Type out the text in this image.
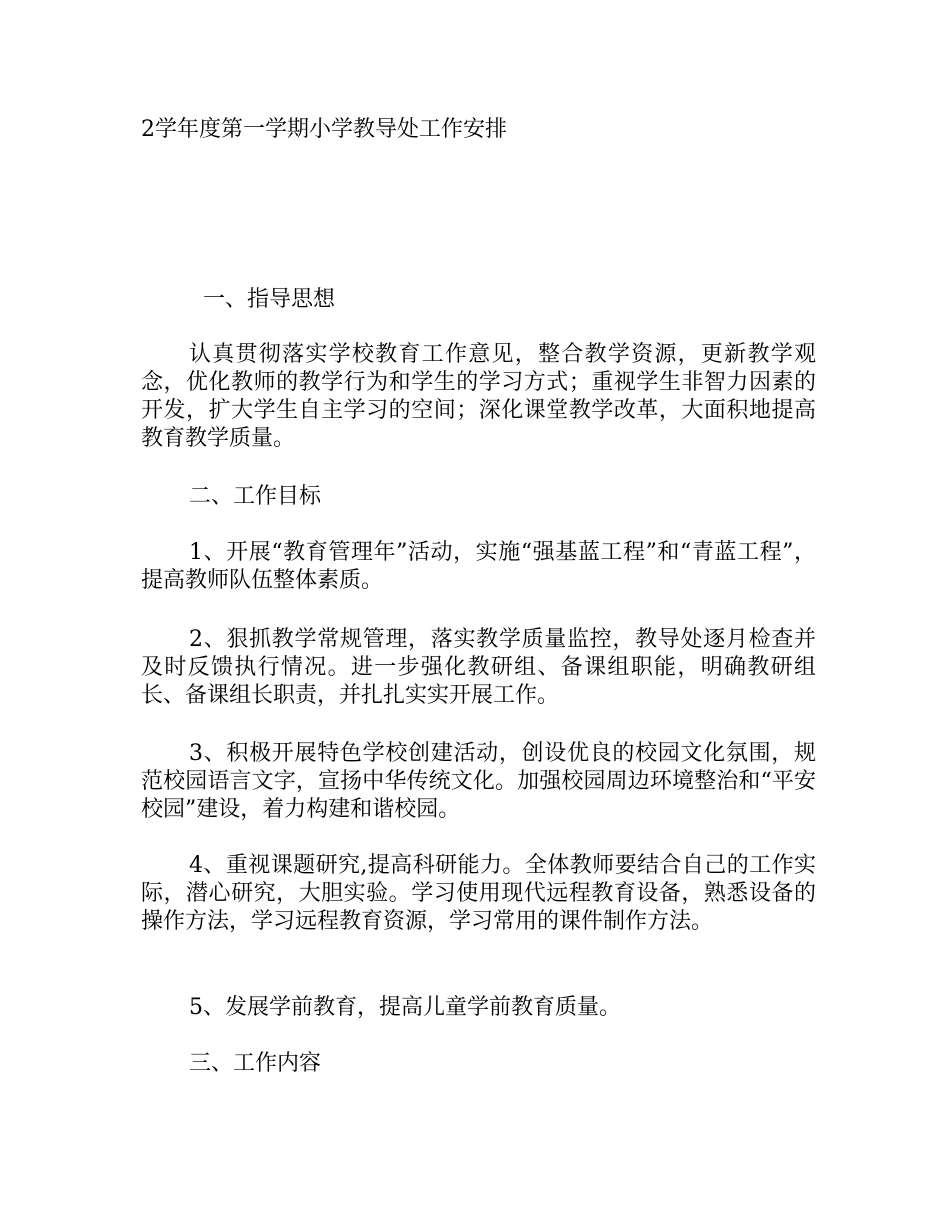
2学年度第一学期小学教导处工作安排

一、指导思想

认真贯彻落实学校教育工作意见，整合教学资源，更新教学观念，优化教师的教学行为和学生的学习方式；重视学生非智力因素的开发，扩大学生自主学习的空间；深化课堂教学改革，大面积地提高教育教学质量。

二、工作目标

1、开展“教育管理年”活动，实施“强基蓝工程”和“青蓝工程”，提高教师队伍整体素质。

2、狠抓教学常规管理，落实教学质量监控，教导处逐月检查并及时反馈执行情况。进一步强化教研组、备课组职能，明确教研组长、备课组长职责，并扎扎实实开展工作。

3、积极开展特色学校创建活动，创设优良的校园文化氛围，规范校园语言文字，宣扬中华传统文化。加强校园周边环境整治和“平安校园”建设，着力构建和谐校园。

4、重视课题研究,提高科研能力。全体教师要结合自己的工作实际，潜心研究，大胆实验。学习使用现代远程教育设备，熟悉设备的操作方法，学习远程教育资源，学习常用的课件制作方法。

5、发展学前教育，提高儿童学前教育质量。

三、工作内容
